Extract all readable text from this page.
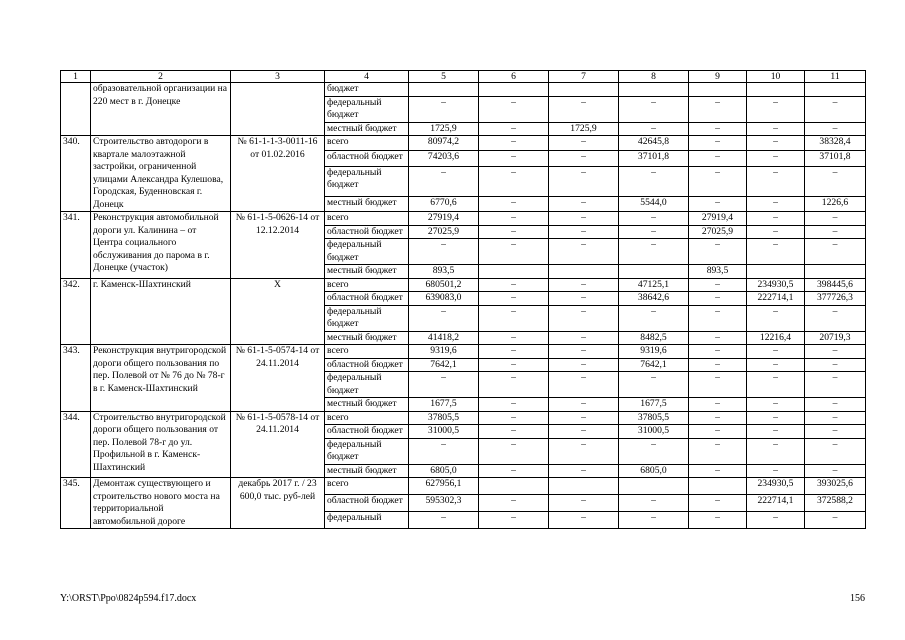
1	2	3	4	5	6	7	8	9	10	11
	образовательной организации на 220 мест в г. Донецке		бюджет							
			федеральный бюджет	–	–	–	–	–	–	–
			местный бюджет	1725,9	–	1725,9	–	–	–	–
340.	Строительство автодороги в квартале малоэтажной застройки, ограниченной улицами Александра Кулешова, Городская, Буденновская г. Донецк	№ 61-1-1-3-0011-16 от 01.02.2016	всего	80974,2	–	–	42645,8	–	–	38328,4
			областной бюджет	74203,6	–	–	37101,8	–	–	37101,8
			федеральный бюджет	–	–	–	–	–	–	–
			местный бюджет	6770,6	–	–	5544,0	–	–	1226,6
341.	Реконструкция автомобильной дороги ул. Калинина – от Центра социального обслуживания до парома в г. Донецке (участок)	№ 61-1-5-0626-14 от 12.12.2014	всего	27919,4	–	–	–	27919,4	–	–
			областной бюджет	27025,9	–	–	–	27025,9	–	–
			федеральный бюджет	–	–	–	–	–	–	–
			местный бюджет	893,5				893,5		
342.	г. Каменск-Шахтинский	Х	всего	680501,2	–	–	47125,1	–	234930,5	398445,6
			областной бюджет	639083,0	–	–	38642,6	–	222714,1	377726,3
			федеральный бюджет	–	–	–	–	–	–	–
			местный бюджет	41418,2	–	–	8482,5	–	12216,4	20719,3
343.	Реконструкция внутригородской дороги общего пользования по пер. Полевой от № 76 до № 78-г в г. Каменск-Шахтинский	№ 61-1-5-0574-14 от 24.11.2014	всего	9319,6	–	–	9319,6	–	–	–
			областной бюджет	7642,1	–	–	7642,1	–	–	–
			федеральный бюджет	–	–	–	–	–	–	–
			местный бюджет	1677,5	–	–	1677,5	–	–	–
344.	Строительство внутригородской дороги общего пользования от пер. Полевой 78-г до ул. Профильной в г. Каменск-Шахтинский	№ 61-1-5-0578-14 от 24.11.2014	всего	37805,5	–	–	37805,5	–	–	–
			областной бюджет	31000,5	–	–	31000,5	–	–	–
			федеральный бюджет	–	–	–	–	–	–	–
			местный бюджет	6805,0	–	–	6805,0	–	–	–
345.	Демонтаж существующего и строительство нового моста на территориальной автомобильной дороге	декабрь 2017 г. / 23 600,0 тыс. руб-лей	всего	627956,1					234930,5	393025,6
			областной бюджет	595302,3	–	–	–	–	222714,1	372588,2
			федеральный	–	–	–	–	–	–	–
Y:\ORST\Ppo\0824p594.f17.docx	156
